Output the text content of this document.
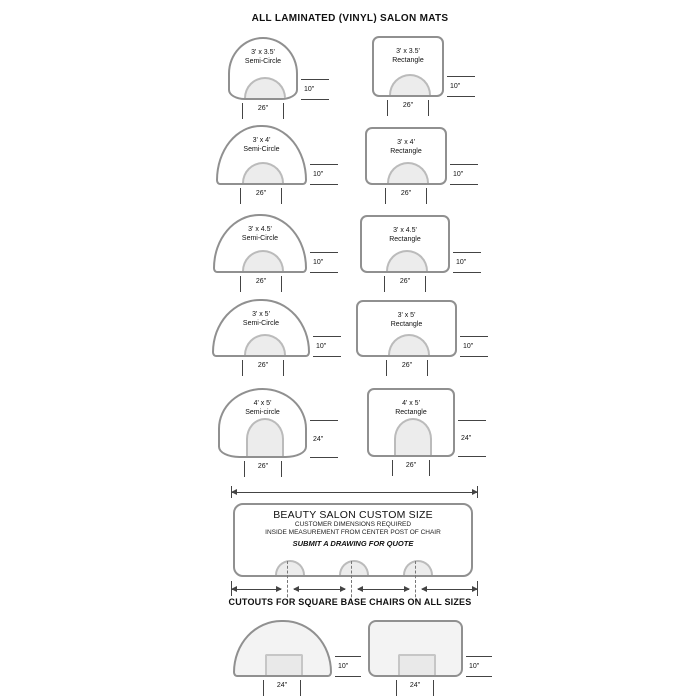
ALL LAMINATED (VINYL) SALON MATS
3' x 3.5'
Semi-Circle
10"
26"
3' x 3.5'
Rectangle
10"
26"
3' x 4'
Semi-Circle
10"
26"
3' x 4'
Rectangle
10"
26"
3' x 4.5'
Semi-Circle
10"
26"
3' x 4.5'
Rectangle
10"
26"
3' x 5'
Semi-Circle
10"
26"
3' x 5'
Rectangle
10"
26"
4' x 5'
Semi-circle
24"
26"
4' x 5'
Rectangle
24"
26"
BEAUTY SALON CUSTOM SIZE
CUSTOMER DIMENSIONS REQUIRED
INSIDE MEASUREMENT FROM CENTER POST OF CHAIR
SUBMIT A DRAWING FOR QUOTE
CUTOUTS FOR SQUARE BASE CHAIRS ON ALL SIZES
10"
24"
10"
24"
